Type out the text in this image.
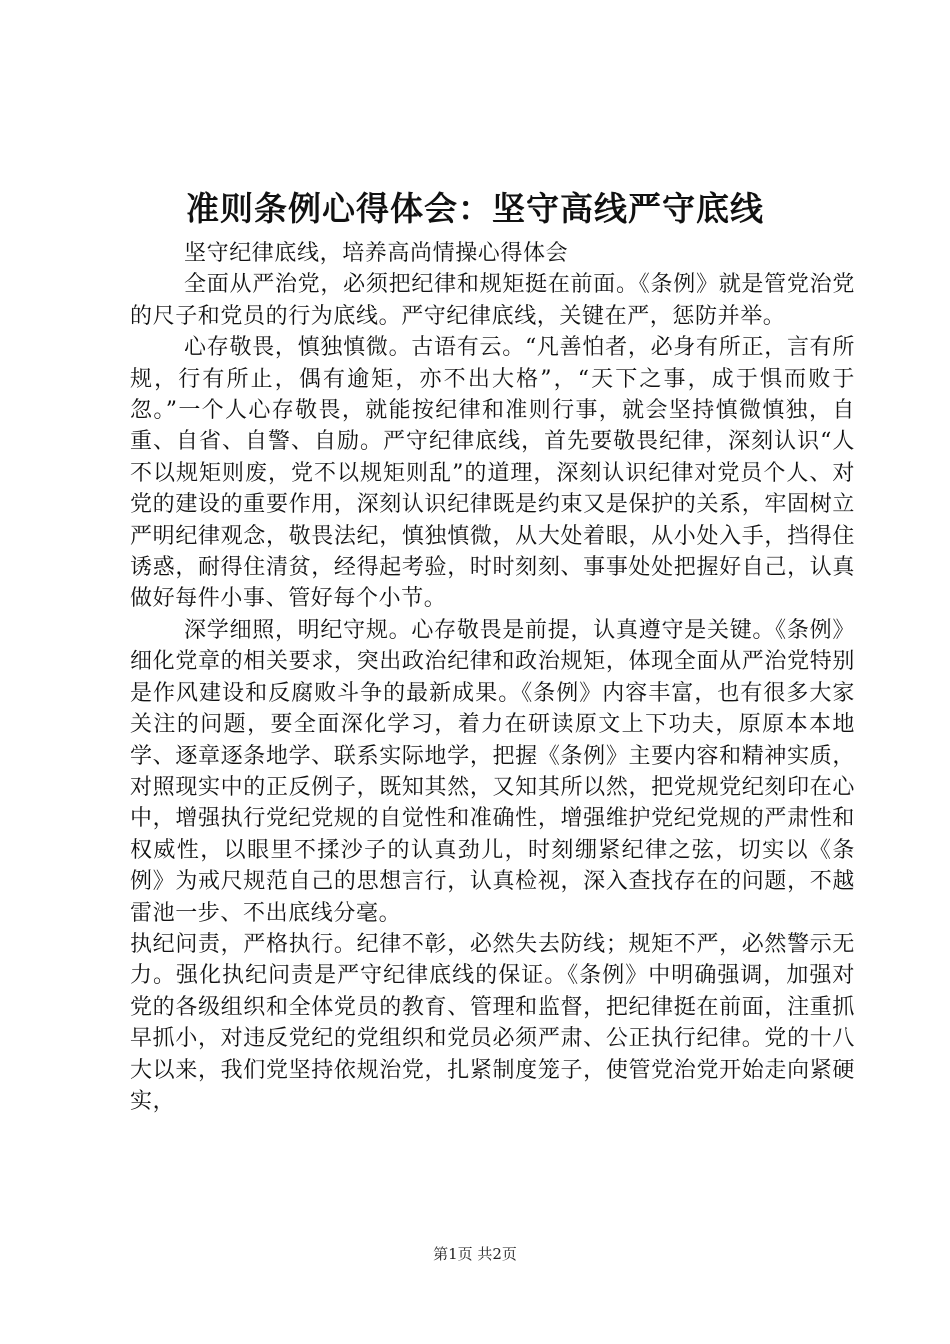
准则条例心得体会：坚守高线严守底线

坚守纪律底线，培养高尚情操心得体会

全面从严治党，必须把纪律和规矩挺在前面。《条例》就是管党治党的尺子和党员的行为底线。严守纪律底线，关键在严，惩防并举。

心存敬畏，慎独慎微。古语有云。“凡善怕者，必身有所正，言有所规，行有所止，偶有逾矩，亦不出大格”，“天下之事，成于惧而败于忽。”一个人心存敬畏，就能按纪律和准则行事，就会坚持慎微慎独，自重、自省、自警、自励。严守纪律底线，首先要敬畏纪律，深刻认识“人不以规矩则废，党不以规矩则乱”的道理，深刻认识纪律对党员个人、对党的建设的重要作用，深刻认识纪律既是约束又是保护的关系，牢固树立严明纪律观念，敬畏法纪，慎独慎微，从大处着眼，从小处入手，挡得住诱惑，耐得住清贫，经得起考验，时时刻刻、事事处处把握好自己，认真做好每件小事、管好每个小节。

深学细照，明纪守规。心存敬畏是前提，认真遵守是关键。《条例》细化党章的相关要求，突出政治纪律和政治规矩，体现全面从严治党特别是作风建设和反腐败斗争的最新成果。《条例》内容丰富，也有很多大家关注的问题，要全面深化学习，着力在研读原文上下功夫，原原本本地学、逐章逐条地学、联系实际地学，把握《条例》主要内容和精神实质，对照现实中的正反例子，既知其然，又知其所以然，把党规党纪刻印在心中，增强执行党纪党规的自觉性和准确性，增强维护党纪党规的严肃性和权威性，以眼里不揉沙子的认真劲儿，时刻绷紧纪律之弦，切实以《条例》为戒尺规范自己的思想言行，认真检视，深入查找存在的问题，不越雷池一步、不出底线分毫。

执纪问责，严格执行。纪律不彰，必然失去防线；规矩不严，必然警示无力。强化执纪问责是严守纪律底线的保证。《条例》中明确强调，加强对党的各级组织和全体党员的教育、管理和监督，把纪律挺在前面，注重抓早抓小，对违反党纪的党组织和党员必须严肃、公正执行纪律。党的十八大以来，我们党坚持依规治党，扎紧制度笼子，使管党治党开始走向紧硬实，

第1页 共2页
